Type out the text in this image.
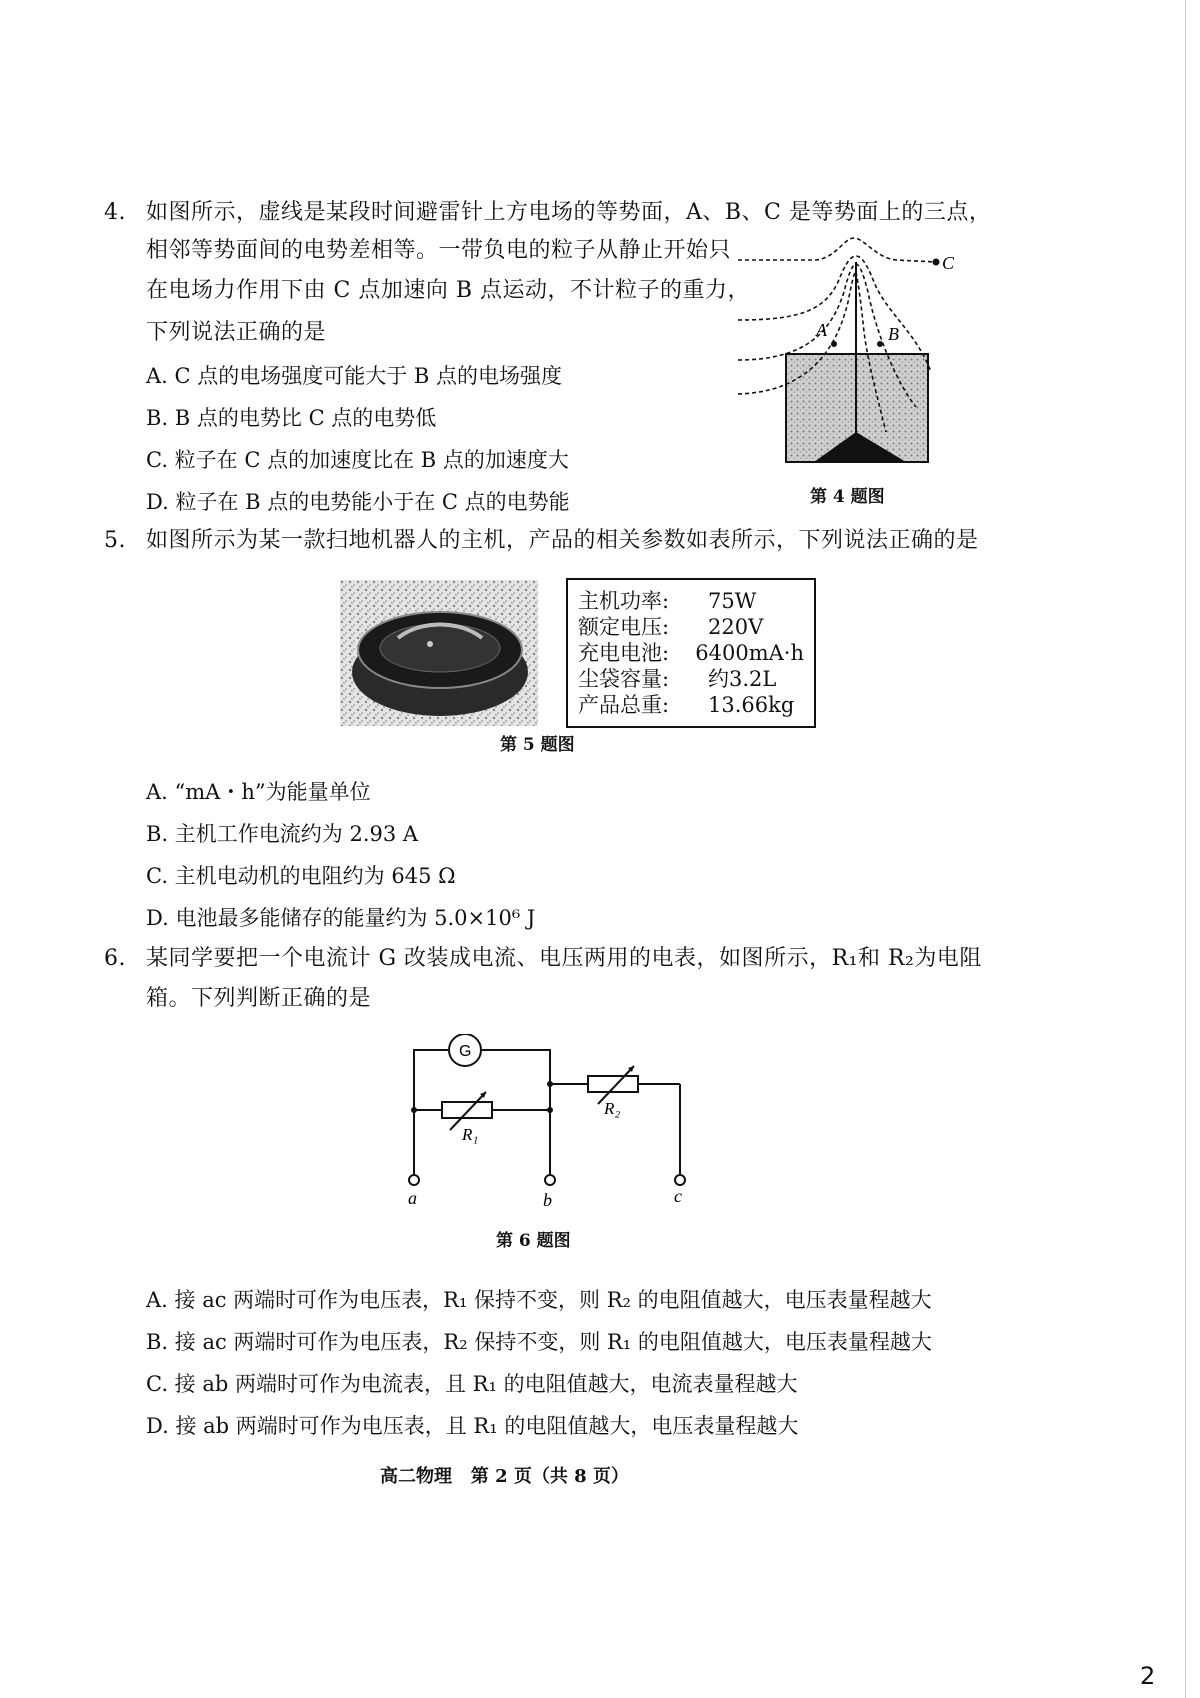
4. 如图所示，虚线是某段时间避雷针上方电场的等势面，A、B、C 是等势面上的三点，
相邻等势面间的电势差相等。一带负电的粒子从静止开始只
在电场力作用下由 C 点加速向 B 点运动，不计粒子的重力，
下列说法正确的是
A. C 点的电场强度可能大于 B 点的电场强度
B. B 点的电势比 C 点的电势低
C. 粒子在 C 点的加速度比在 B 点的加速度大
D. 粒子在 B 点的电势能小于在 C 点的电势能
A	B
C
第 4 题图
5. 如图所示为某一款扫地机器人的主机，产品的相关参数如表所示，下列说法正确的是
主机功率:	75W
额定电压:	220V
充电电池:	6400mA·h
尘袋容量:	约3.2L
产品总重:	13.66kg
第 5 题图
A. “mA・h”为能量单位
B. 主机工作电流约为 2.93 A
C. 主机电动机的电阻约为 645 Ω
D. 电池最多能储存的能量约为 5.0×10⁶ J
6. 某同学要把一个电流计 G 改装成电流、电压两用的电表，如图所示，R₁和 R₂为电阻
箱。下列判断正确的是
G
R₁
R₂
a	b	c
第 6 题图
A. 接 ac 两端时可作为电压表，R₁ 保持不变，则 R₂ 的电阻值越大，电压表量程越大
B. 接 ac 两端时可作为电压表，R₂ 保持不变，则 R₁ 的电阻值越大，电压表量程越大
C. 接 ab 两端时可作为电流表，且 R₁ 的电阻值越大，电流表量程越大
D. 接 ab 两端时可作为电压表，且 R₁ 的电阻值越大，电压表量程越大
高二物理   第 2 页（共 8 页）
2
